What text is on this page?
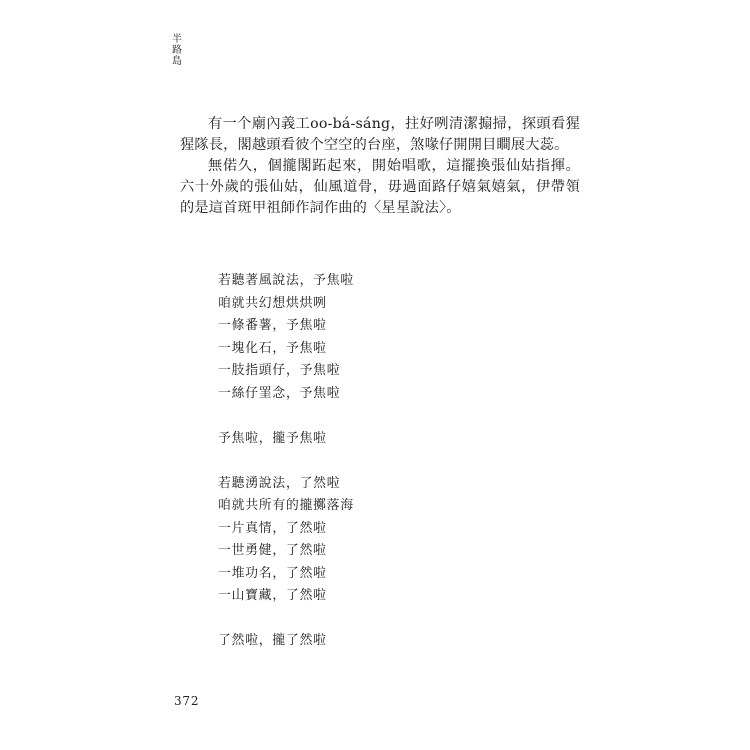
半路島

有一个廟內義工oo-bá-sáng，拄好咧清潔搧掃，探頭看猩猩隊長，閣越頭看彼个空空的台座，煞喙仔開開目瞷展大蕊。

無偌久，個攏閣跖起來，開始唱歌，這擺換張仙姑指揮。六十外歲的張仙姑，仙風道骨，毋過面路仔嬉氣嬉氣，伊帶領的是這首斑甲祖師作詞作曲的〈星星說法〉。

若聽著風說法，予焦啦
咱就共幻想烘烘咧
一條番薯，予焦啦
一塊化石，予焦啦
一肢指頭仔，予焦啦
一絲仔罣念，予焦啦
予焦啦，攏予焦啦
若聽湧說法，了然啦
咱就共所有的攏擲落海
一片真情，了然啦
一世勇健，了然啦
一堆功名，了然啦
一山寶藏，了然啦
了然啦，攏了然啦
372
